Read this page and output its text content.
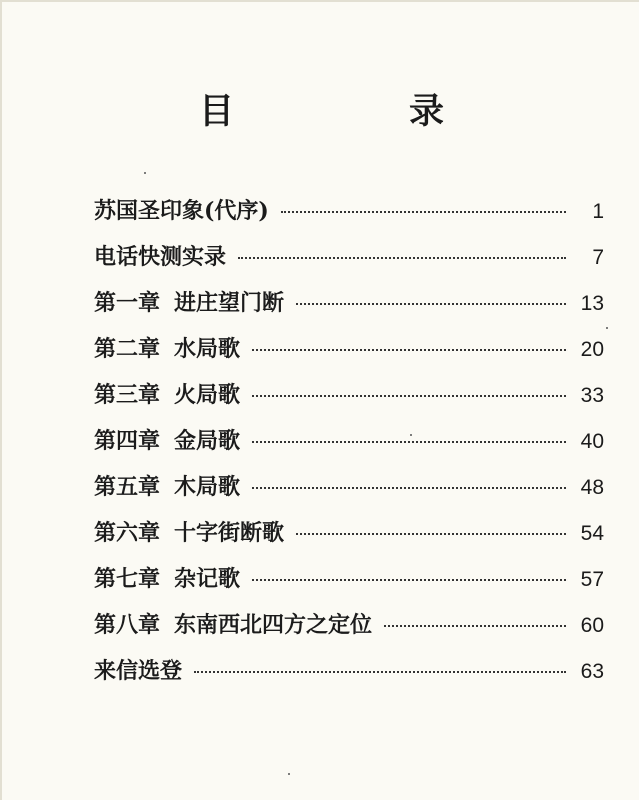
目　录
苏国圣印象(代序)	1
电话快测实录	7
第一章 进庄望门断	13
第二章 水局歌	20
第三章 火局歌	33
第四章 金局歌	40
第五章 木局歌	48
第六章 十字街断歌	54
第七章 杂记歌	57
第八章 东南西北四方之定位	60
来信选登	63
